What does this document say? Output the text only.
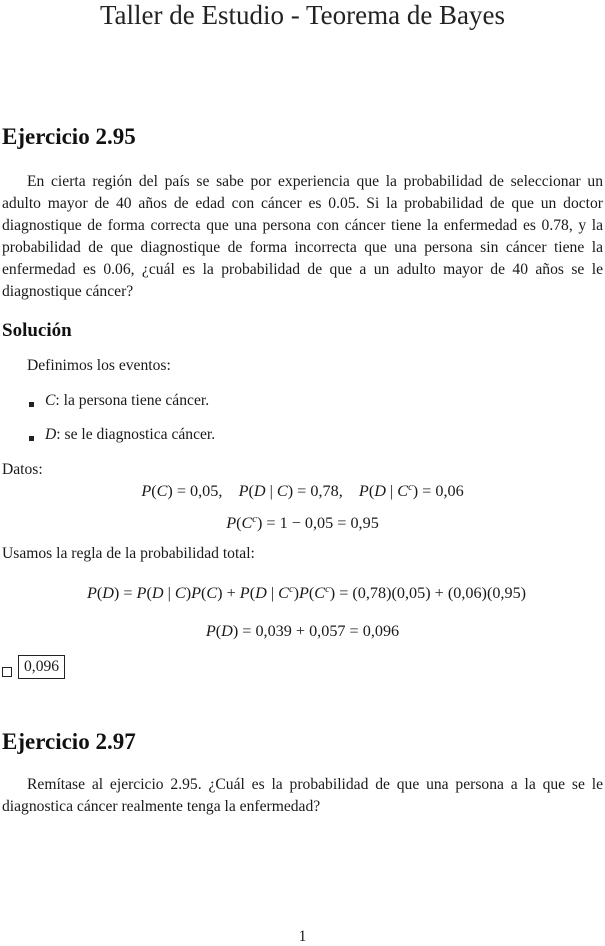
Taller de Estudio - Teorema de Bayes
Ejercicio 2.95
En cierta región del país se sabe por experiencia que la probabilidad de seleccionar un adulto mayor de 40 años de edad con cáncer es 0.05. Si la probabilidad de que un doctor diagnostique de forma correcta que una persona con cáncer tiene la enfermedad es 0.78, y la probabilidad de que diagnostique de forma incorrecta que una persona sin cáncer tiene la enfermedad es 0.06, ¿cuál es la probabilidad de que a un adulto mayor de 40 años se le diagnostique cáncer?
Solución
Definimos los eventos:
C: la persona tiene cáncer.
D: se le diagnostica cáncer.
Datos:
P(C) = 0,05,    P(D | C) = 0,78,    P(D | $C^c) = 0,06$
$P(C^c) = 1 - 0,05 = 0,95$
Usamos la regla de la probabilidad total:
P(D) = P(D | C)P(C) + P(D | $C^c)P(C^c) = (0,78)(0,05) + (0,06)(0,95)$
P(D) = 0,039 + 0,057 = 0,096
0,096
Ejercicio 2.97
Remítase al ejercicio 2.95. ¿Cuál es la probabilidad de que una persona a la que se le diagnostica cáncer realmente tenga la enfermedad?
1
